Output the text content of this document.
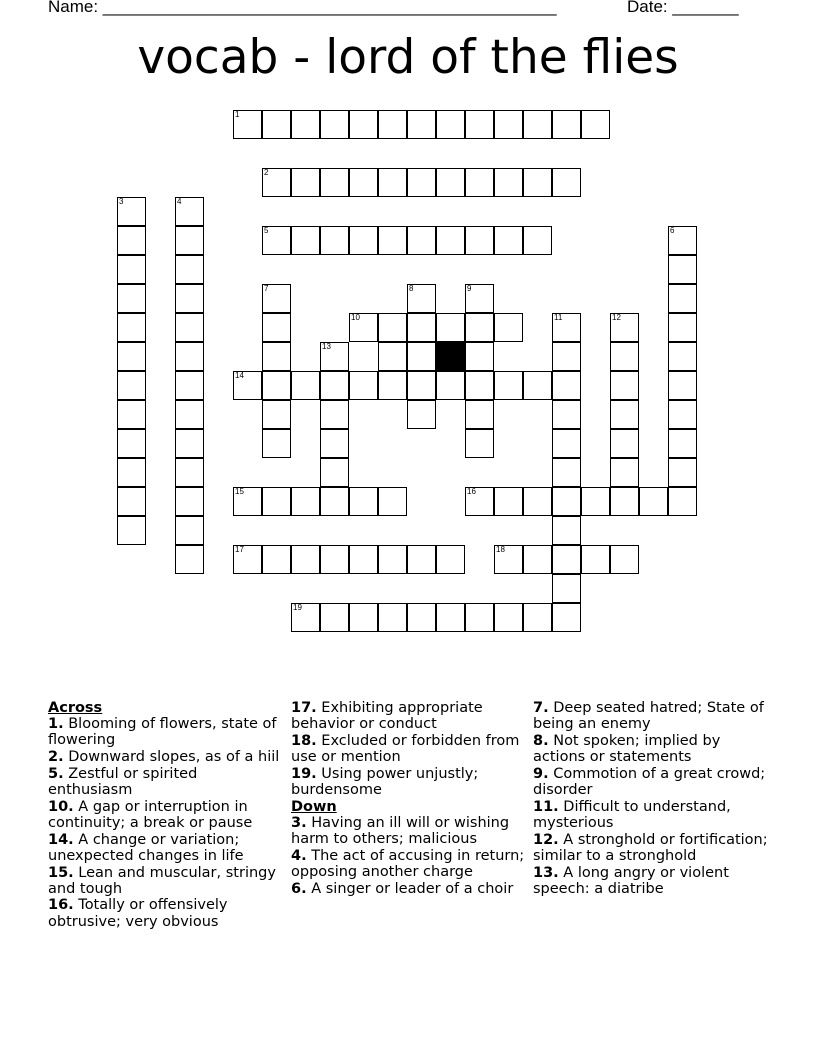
Name: ________________________________________________	Date: _______
vocab - lord of the flies
1
2
3	4
5	6
7	8	9
10	11	12
13
14
15	16
17	18
19
Across

1. Blooming of flowers, state of flowering

2. Downward slopes, as of a hiil

5. Zestful or spirited enthusiasm

10. A gap or interruption in continuity; a break or pause

14. A change or variation; unexpected changes in life

15. Lean and muscular, stringy and tough

16. Totally or offensively obtrusive; very obvious

17. Exhibiting appropriate behavior or conduct

18. Excluded or forbidden from use or mention

19. Using power unjustly; burdensome

Down

3. Having an ill will or wishing harm to others; malicious

4. The act of accusing in return; opposing another charge

6. A singer or leader of a choir

7. Deep seated hatred; State of being an enemy

8. Not spoken; implied by actions or statements

9. Commotion of a great crowd; disorder

11. Difficult to understand, mysterious

12. A stronghold or fortification; similar to a stronghold

13. A long angry or violent speech: a diatribe
